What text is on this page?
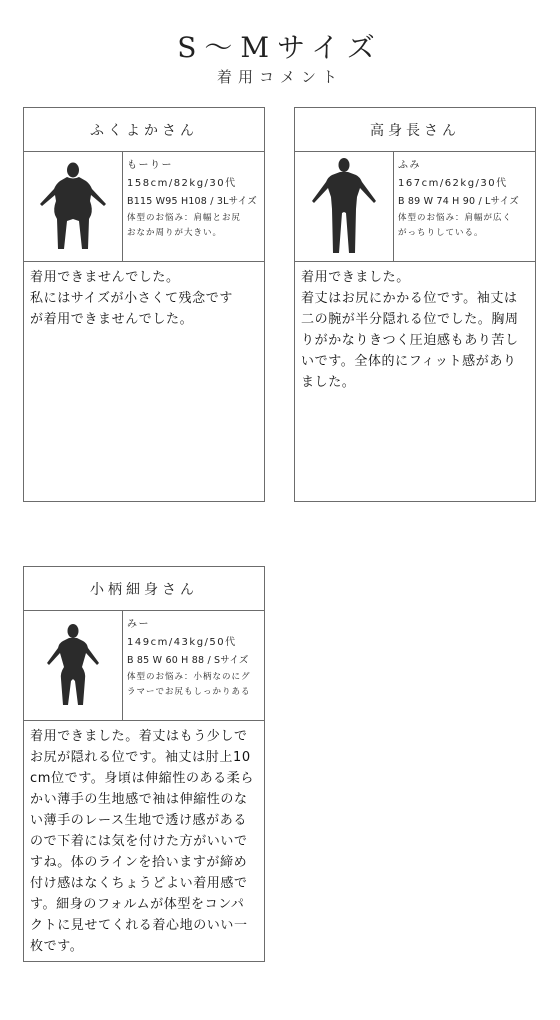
S～Mサイズ
着用コメント
ふくよかさん
もーりー
158cm/82kg/30代
B115 W95 H108 / 3Lサイズ
体型のお悩み：肩幅とお尻
おなか周りが大きい。
着用できませんでした。
私にはサイズが小さくて残念です
が着用できませんでした。
高身長さん
ふみ
167cm/62kg/30代
B 89 W 74 H 90 / Lサイズ
体型のお悩み：肩幅が広く
がっちりしている。
着用できました。
着丈はお尻にかかる位です。袖丈は
二の腕が半分隠れる位でした。胸周
りがかなりきつく圧迫感もあり苦し
いです。全体的にフィット感があり
ました。
小柄細身さん
みー
149cm/43kg/50代
B 85 W 60 H 88 / Sサイズ
体型のお悩み：小柄なのにグ
ラマーでお尻もしっかりある
着用できました。着丈はもう少しで
お尻が隠れる位です。袖丈は肘上10
cm位です。身頃は伸縮性のある柔ら
かい薄手の生地感で袖は伸縮性のな
い薄手のレース生地で透け感がある
ので下着には気を付けた方がいいで
すね。体のラインを拾いますが締め
付け感はなくちょうどよい着用感で
す。細身のフォルムが体型をコンパ
クトに見せてくれる着心地のいい一
枚です。
